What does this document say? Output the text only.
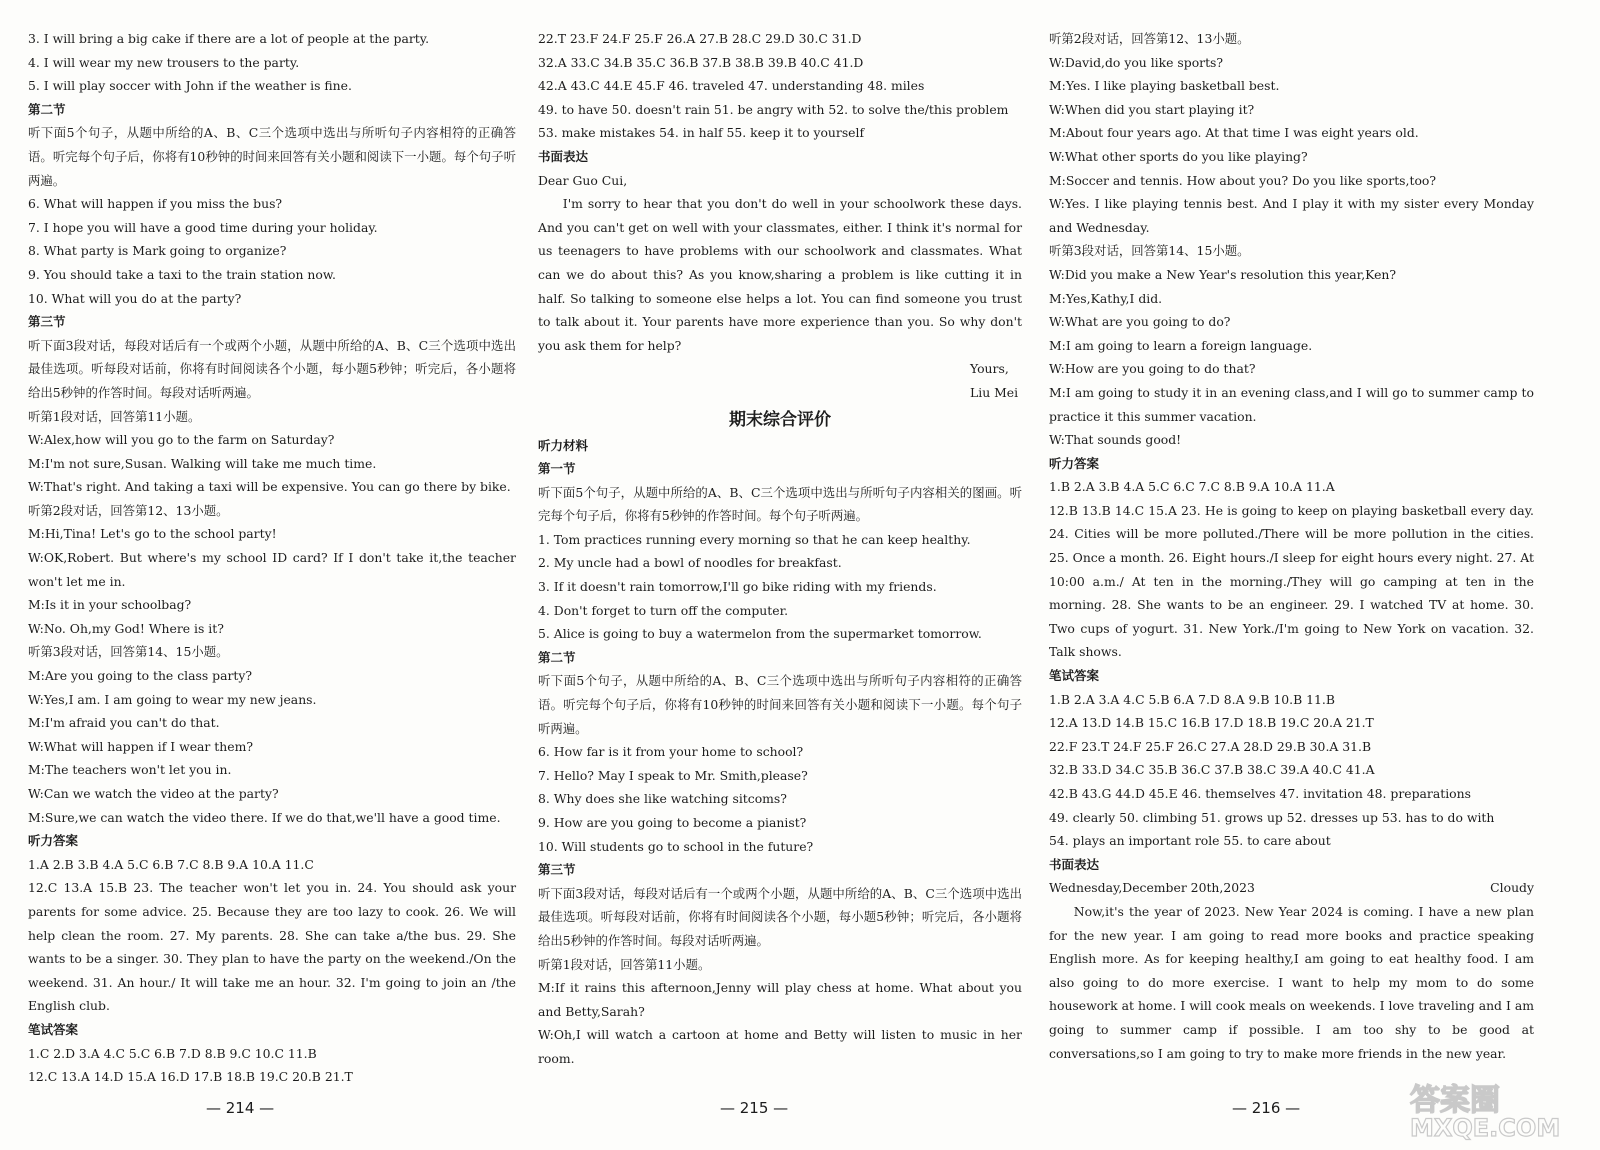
3. I will bring a big cake if there are a lot of people at the party.
4. I will wear my new trousers to the party.
5. I will play soccer with John if the weather is fine.
第二节
听下面5个句子，从题中所给的A、B、C三个选项中选出与所听句子内容相符的正确答语。听完每个句子后，你将有10秒钟的时间来回答有关小题和阅读下一小题。每个句子听两遍。
6. What will happen if you miss the bus?
7. I hope you will have a good time during your holiday.
8. What party is Mark going to organize?
9. You should take a taxi to the train station now.
10. What will you do at the party?
第三节
听下面3段对话，每段对话后有一个或两个小题，从题中所给的A、B、C三个选项中选出最佳选项。听每段对话前，你将有时间阅读各个小题，每小题5秒钟；听完后，各小题将给出5秒钟的作答时间。每段对话听两遍。
听第1段对话，回答第11小题。
W:Alex,how will you go to the farm on Saturday?
M:I'm not sure,Susan. Walking will take me much time.
W:That's right. And taking a taxi will be expensive. You can go there by bike.
听第2段对话，回答第12、13小题。
M:Hi,Tina! Let's go to the school party!
W:OK,Robert. But where's my school ID card? If I don't take it,the teacher won't let me in.
M:Is it in your schoolbag?
W:No. Oh,my God! Where is it?
听第3段对话，回答第14、15小题。
M:Are you going to the class party?
W:Yes,I am. I am going to wear my new jeans.
M:I'm afraid you can't do that.
W:What will happen if I wear them?
M:The teachers won't let you in.
W:Can we watch the video at the party?
M:Sure,we can watch the video there. If we do that,we'll have a good time.
听力答案
1.A 2.B 3.B 4.A 5.C 6.B 7.C 8.B 9.A 10.A 11.C
12.C 13.A 15.B 23. The teacher won't let you in. 24. You should ask your parents for some advice. 25. Because they are too lazy to cook. 26. We will help clean the room. 27. My parents. 28. She can take a/the bus. 29. She wants to be a singer. 30. They plan to have the party on the weekend./On the weekend. 31. An hour./ It will take me an hour. 32. I'm going to join an /the English club.
笔试答案
1.C 2.D 3.A 4.C 5.C 6.B 7.D 8.B 9.C 10.C 11.B
12.C 13.A 14.D 15.A 16.D 17.B 18.B 19.C 20.B 21.T
22.T 23.F 24.F 25.F 26.A 27.B 28.C 29.D 30.C 31.D
32.A 33.C 34.B 35.C 36.B 37.B 38.B 39.B 40.C 41.D
42.A 43.C 44.E 45.F 46. traveled 47. understanding 48. miles
49. to have 50. doesn't rain 51. be angry with 52. to solve the/this problem
53. make mistakes 54. in half 55. keep it to yourself
书面表达
Dear Guo Cui,
I'm sorry to hear that you don't do well in your schoolwork these days. And you can't get on well with your classmates, either. I think it's normal for us teenagers to have problems with our schoolwork and classmates. What can we do about this? As you know,sharing a problem is like cutting it in half. So talking to someone else helps a lot. You can find someone you trust to talk about it. Your parents have more experience than you. So why don't you ask them for help?
Yours,
Liu Mei
期末综合评价
听力材料
第一节
听下面5个句子，从题中所给的A、B、C三个选项中选出与所听句子内容相关的图画。听完每个句子后，你将有5秒钟的作答时间。每个句子听两遍。
1. Tom practices running every morning so that he can keep healthy.
2. My uncle had a bowl of noodles for breakfast.
3. If it doesn't rain tomorrow,I'll go bike riding with my friends.
4. Don't forget to turn off the computer.
5. Alice is going to buy a watermelon from the supermarket tomorrow.
第二节
听下面5个句子，从题中所给的A、B、C三个选项中选出与所听句子内容相符的正确答语。听完每个句子后，你将有10秒钟的时间来回答有关小题和阅读下一小题。每个句子听两遍。
6. How far is it from your home to school?
7. Hello? May I speak to Mr. Smith,please?
8. Why does she like watching sitcoms?
9. How are you going to become a pianist?
10. Will students go to school in the future?
第三节
听下面3段对话，每段对话后有一个或两个小题，从题中所给的A、B、C三个选项中选出最佳选项。听每段对话前，你将有时间阅读各个小题，每小题5秒钟；听完后，各小题将给出5秒钟的作答时间。每段对话听两遍。
听第1段对话，回答第11小题。
M:If it rains this afternoon,Jenny will play chess at home. What about you and Betty,Sarah?
W:Oh,I will watch a cartoon at home and Betty will listen to music in her room.
听第2段对话，回答第12、13小题。
W:David,do you like sports?
M:Yes. I like playing basketball best.
W:When did you start playing it?
M:About four years ago. At that time I was eight years old.
W:What other sports do you like playing?
M:Soccer and tennis. How about you? Do you like sports,too?
W:Yes. I like playing tennis best. And I play it with my sister every Monday and Wednesday.
听第3段对话，回答第14、15小题。
W:Did you make a New Year's resolution this year,Ken?
M:Yes,Kathy,I did.
W:What are you going to do?
M:I am going to learn a foreign language.
W:How are you going to do that?
M:I am going to study it in an evening class,and I will go to summer camp to practice it this summer vacation.
W:That sounds good!
听力答案
1.B 2.A 3.B 4.A 5.C 6.C 7.C 8.B 9.A 10.A 11.A
12.B 13.B 14.C 15.A 23. He is going to keep on playing basketball every day. 24. Cities will be more polluted./There will be more pollution in the cities. 25. Once a month. 26. Eight hours./I sleep for eight hours every night. 27. At 10:00 a.m./ At ten in the morning./They will go camping at ten in the morning. 28. She wants to be an engineer. 29. I watched TV at home. 30. Two cups of yogurt. 31. New York./I'm going to New York on vacation. 32. Talk shows.
笔试答案
1.B 2.A 3.A 4.C 5.B 6.A 7.D 8.A 9.B 10.B 11.B
12.A 13.D 14.B 15.C 16.B 17.D 18.B 19.C 20.A 21.T
22.F 23.T 24.F 25.F 26.C 27.A 28.D 29.B 30.A 31.B
32.B 33.D 34.C 35.B 36.C 37.B 38.C 39.A 40.C 41.A
42.B 43.G 44.D 45.E 46. themselves 47. invitation 48. preparations
49. clearly 50. climbing 51. grows up 52. dresses up 53. has to do with
54. plays an important role 55. to care about
书面表达
Wednesday,December 20th,2023	Cloudy
Now,it's the year of 2023. New Year 2024 is coming. I have a new plan for the new year. I am going to read more books and practice speaking English more. As for keeping healthy,I am going to eat healthy food. I am also going to do more exercise. I want to help my mom to do some housework at home. I will cook meals on weekends. I love traveling and I am going to summer camp if possible. I am too shy to be good at conversations,so I am going to try to make more friends in the new year.
— 214 —	— 215 —	— 216 —	答案圈
MXQE.COM
